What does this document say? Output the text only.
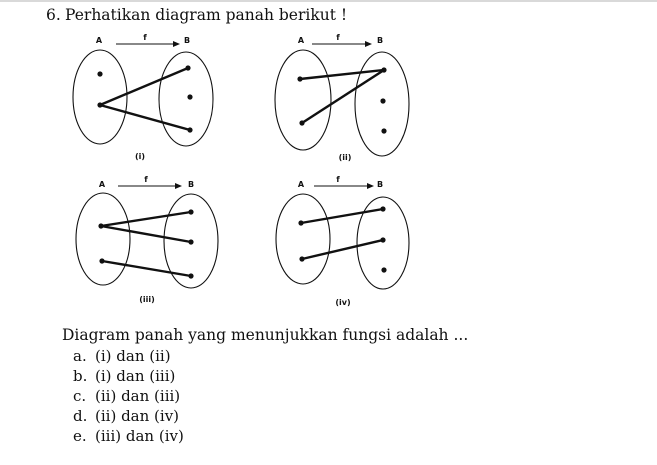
6. Perhatikan diagram panah berikut !
A	f	B
(i)
A	f	B
(ii)
A
f
B
(iii)
A
f
B
(iv)
Diagram panah yang menunjukkan fungsi adalah ...
a. (i) dan (ii)
b. (i) dan (iii)
c. (ii) dan (iii)
d. (ii) dan (iv)
e. (iii) dan (iv)
